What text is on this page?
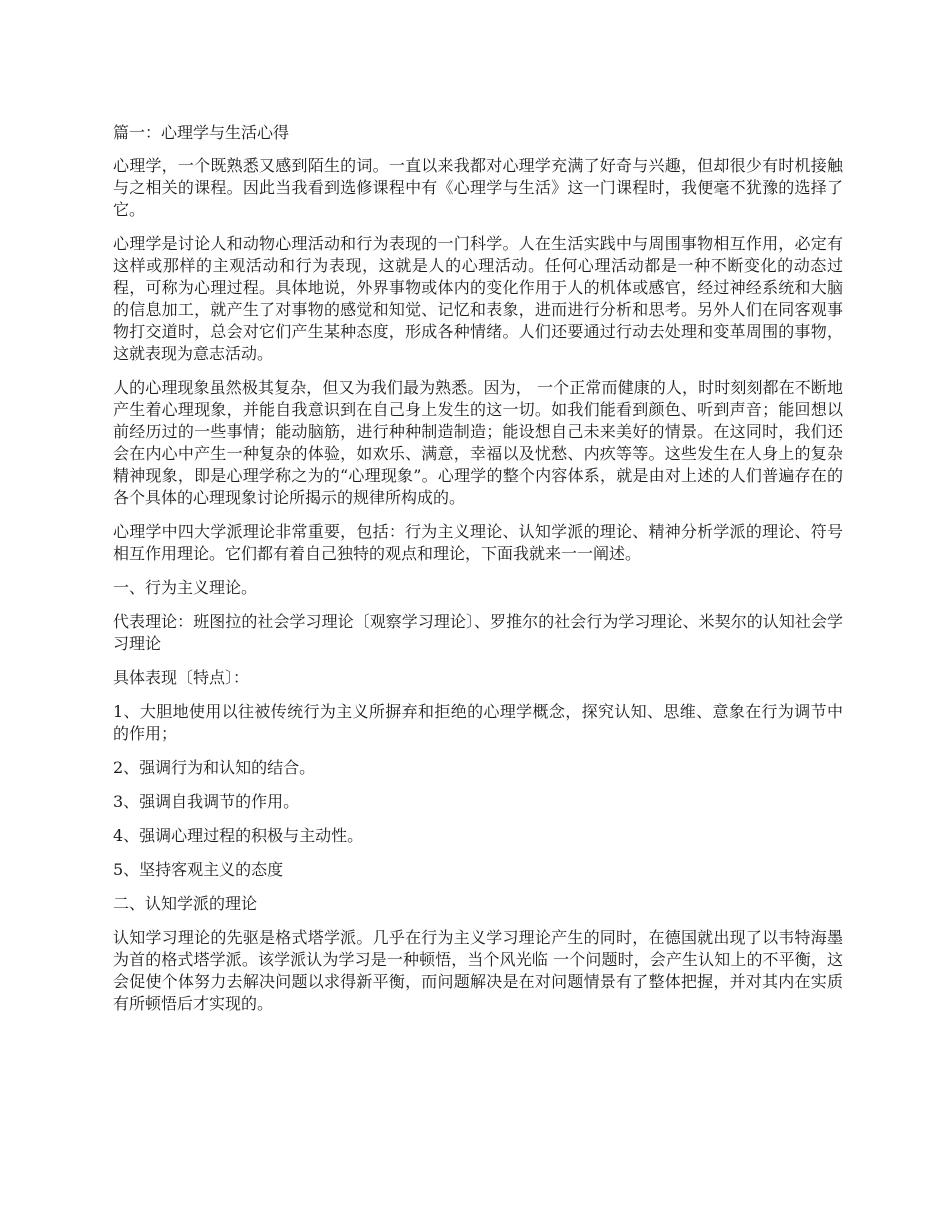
篇一：心理学与生活心得

心理学，一个既熟悉又感到陌生的词。一直以来我都对心理学充满了好奇与兴趣，但却很少有时机接触与之相关的课程。因此当我看到选修课程中有《心理学与生活》这一门课程时，我便毫不犹豫的选择了它。

心理学是讨论人和动物心理活动和行为表现的一门科学。人在生活实践中与周围事物相互作用，必定有这样或那样的主观活动和行为表现，这就是人的心理活动。任何心理活动都是一种不断变化的动态过程，可称为心理过程。具体地说，外界事物或体内的变化作用于人的机体或感官，经过神经系统和大脑的信息加工，就产生了对事物的感觉和知觉、记忆和表象，进而进行分析和思考。另外人们在同客观事物打交道时，总会对它们产生某种态度，形成各种情绪。人们还要通过行动去处理和变革周围的事物，这就表现为意志活动。

人的心理现象虽然极其复杂，但又为我们最为熟悉。因为， 一个正常而健康的人，时时刻刻都在不断地产生着心理现象，并能自我意识到在自己身上发生的这一切。如我们能看到颜色、听到声音；能回想以前经历过的一些事情；能动脑筋，进行种种制造制造；能设想自己未来美好的情景。在这同时，我们还会在内心中产生一种复杂的体验，如欢乐、满意，幸福以及忧愁、内疚等等。这些发生在人身上的复杂精神现象，即是心理学称之为的“心理现象”。心理学的整个内容体系，就是由对上述的人们普遍存在的各个具体的心理现象讨论所揭示的规律所构成的。

心理学中四大学派理论非常重要，包括：行为主义理论、认知学派的理论、精神分析学派的理论、符号相互作用理论。它们都有着自己独特的观点和理论，下面我就来一一阐述。

一、行为主义理论。

代表理论：班图拉的社会学习理论〔观察学习理论〕、罗推尔的社会行为学习理论、米契尔的认知社会学习理论

具体表现〔特点〕：

1、大胆地使用以往被传统行为主义所摒弃和拒绝的心理学概念，探究认知、思维、意象在行为调节中的作用；

2、强调行为和认知的结合。

3、强调自我调节的作用。

4、强调心理过程的积极与主动性。

5、坚持客观主义的态度

二、认知学派的理论

认知学习理论的先驱是格式塔学派。几乎在行为主义学习理论产生的同时，在德国就出现了以韦特海墨为首的格式塔学派。该学派认为学习是一种顿悟，当个风光临 一个问题时，会产生认知上的不平衡，这会促使个体努力去解决问题以求得新平衡，而问题解决是在对问题情景有了整体把握，并对其内在实质有所顿悟后才实现的。
